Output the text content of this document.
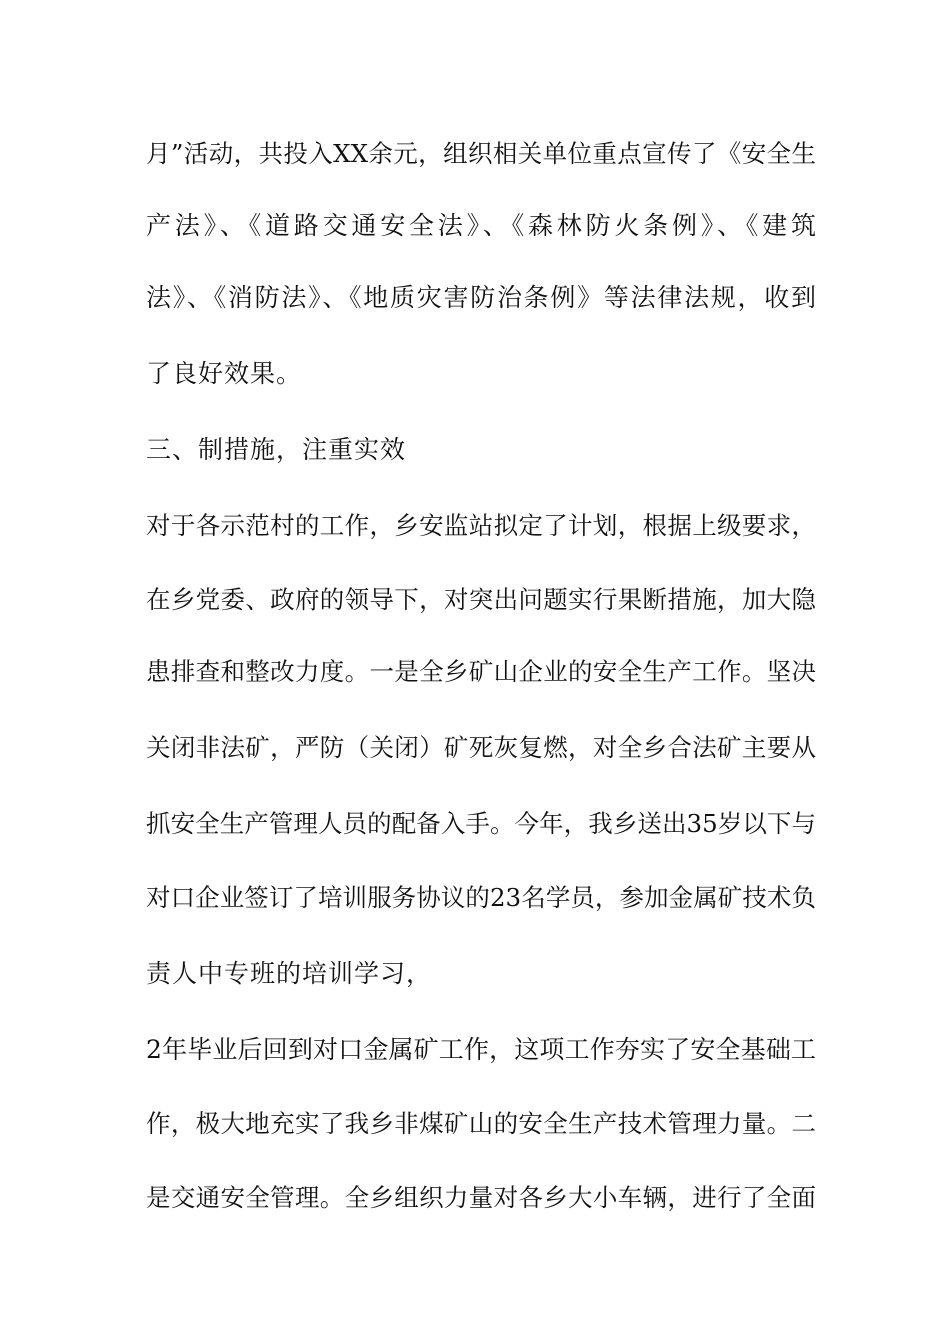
月”活动，共投入XX余元，组织相关单位重点宣传了《安全生
产法》、《道路交通安全法》、《森林防火条例》、《建筑
法》、《消防法》、《地质灾害防治条例》等法律法规，收到
了良好效果。
三、制措施，注重实效
对于各示范村的工作，乡安监站拟定了计划，根据上级要求，
在乡党委、政府的领导下，对突出问题实行果断措施，加大隐
患排查和整改力度。一是全乡矿山企业的安全生产工作。坚决
关闭非法矿，严防（关闭）矿死灰复燃，对全乡合法矿主要从
抓安全生产管理人员的配备入手。今年，我乡送出35岁以下与
对口企业签订了培训服务协议的23名学员，参加金属矿技术负
责人中专班的培训学习，
2年毕业后回到对口金属矿工作，这项工作夯实了安全基础工
作，极大地充实了我乡非煤矿山的安全生产技术管理力量。二
是交通安全管理。全乡组织力量对各乡大小车辆，进行了全面
